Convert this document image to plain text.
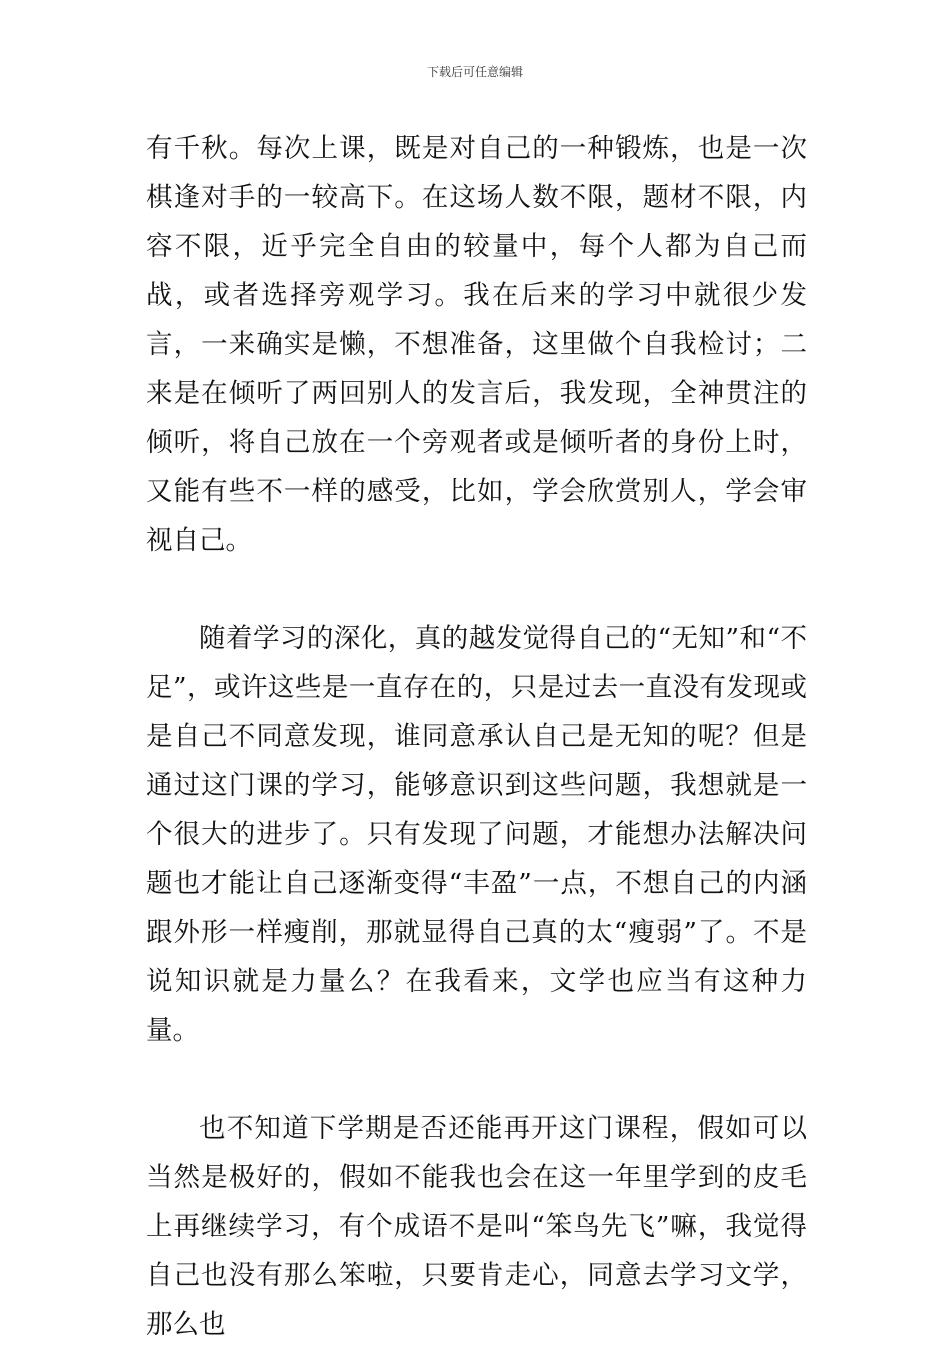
下载后可任意编辑

有千秋。每次上课，既是对自己的一种锻炼，也是一次棋逢对手的一较高下。在这场人数不限，题材不限，内容不限，近乎完全自由的较量中，每个人都为自己而战，或者选择旁观学习。我在后来的学习中就很少发言，一来确实是懒，不想准备，这里做个自我检讨；二来是在倾听了两回别人的发言后，我发现，全神贯注的倾听，将自己放在一个旁观者或是倾听者的身份上时，又能有些不一样的感受，比如，学会欣赏别人，学会审视自己。

随着学习的深化，真的越发觉得自己的“无知”和“不足”，或许这些是一直存在的，只是过去一直没有发现或是自己不同意发现，谁同意承认自己是无知的呢？但是通过这门课的学习，能够意识到这些问题，我想就是一个很大的进步了。只有发现了问题，才能想办法解决问题也才能让自己逐渐变得“丰盈”一点，不想自己的内涵跟外形一样瘦削，那就显得自己真的太“瘦弱”了。不是说知识就是力量么？在我看来，文学也应当有这种力量。

也不知道下学期是否还能再开这门课程，假如可以当然是极好的，假如不能我也会在这一年里学到的皮毛上再继续学习，有个成语不是叫“笨鸟先飞”嘛，我觉得自己也没有那么笨啦，只要肯走心，同意去学习文学，那么也
